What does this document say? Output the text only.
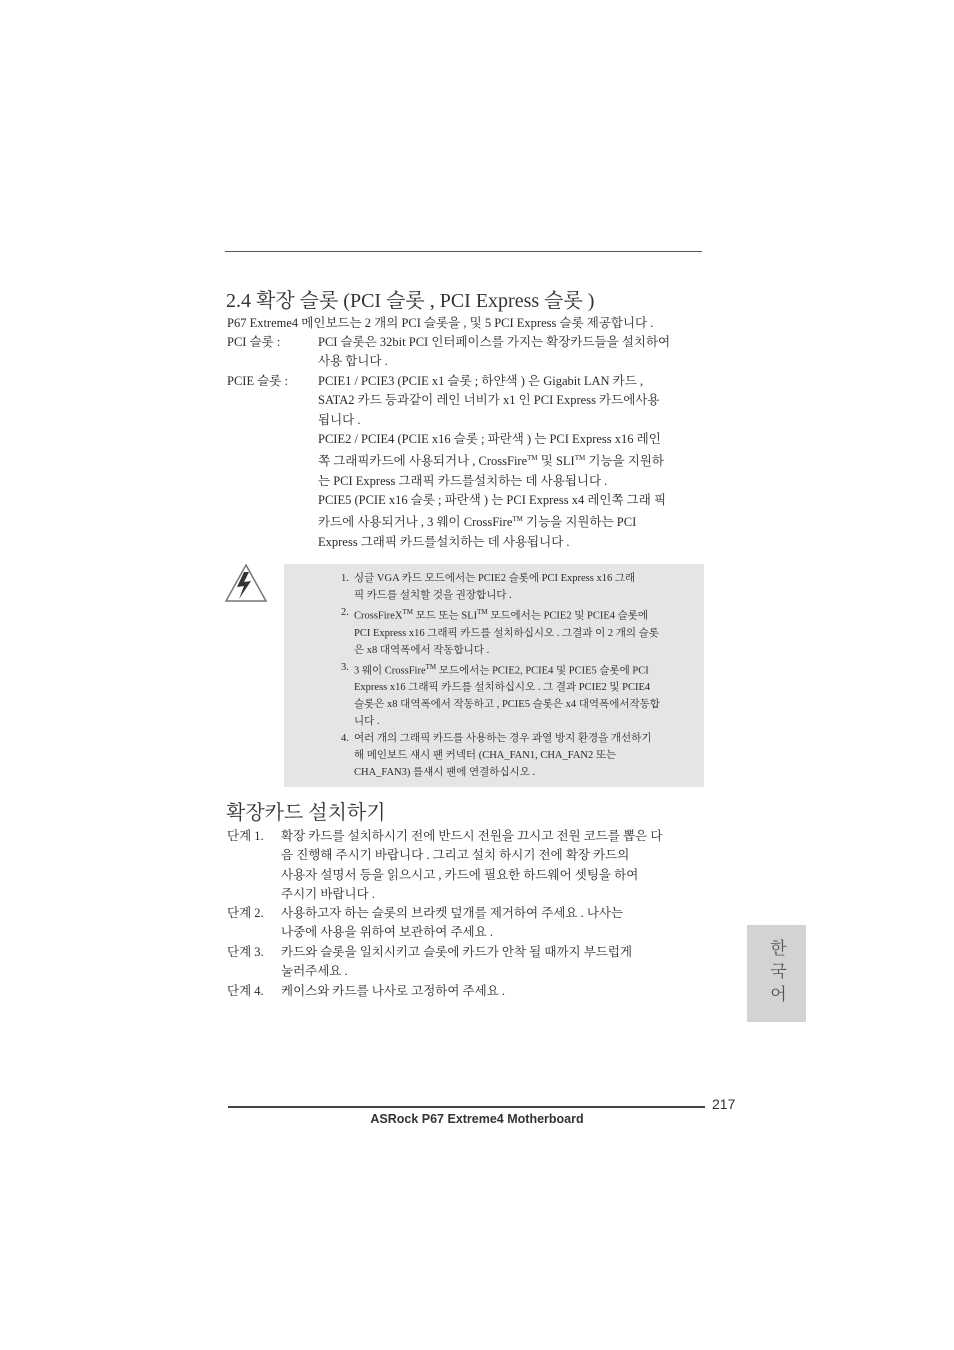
2.4 확장 슬롯 (PCI 슬롯 , PCI Express 슬롯 )
P67 Extreme4 메인보드는 2 개의 PCI 슬롯을 , 및 5 PCI Express 슬롯 제공합니다 .
PCI 슬롯 :	PCI 슬롯은 32bit PCI 인터페이스를 가지는 확장카드들을 설치하여
사용 합니다 .
PCIE 슬롯 : PCIE1 / PCIE3 (PCIE x1 슬롯 ; 하얀색 ) 은 Gigabit LAN 카드 ,
SATA2 카드 등과같이 레인 너비가 x1 인 PCI Express 카드에사용
됩니다 .
PCIE2 / PCIE4 (PCIE x16 슬롯 ; 파란색 ) 는 PCI Express x16 레인
쪽 그래픽카드에 사용되거나 , CrossFire™ 및 SLI™ 기능을 지원하
는 PCI Express 그래픽 카드를설치하는 데 사용됩니다 .
PCIE5 (PCIE x16 슬롯 ; 파란색 ) 는 PCI Express x4 레인쪽 그래 픽
카드에 사용되거나 , 3 웨이 CrossFire™ 기능을 지원하는 PCI
Express 그래픽 카드를설치하는 데 사용됩니다 .
1. 싱글 VGA 카드 모드에서는 PCIE2 슬롯에 PCI Express x16 그래
픽 카드를 설치할 것을 권장합니다 .
2. CrossFireX™ 모드 또는 SLI™ 모드에서는 PCIE2 및 PCIE4 슬롯에
PCI Express x16 그래픽 카드를 설치하십시오 . 그결과 이 2 개의 슬롯
은 x8 대역폭에서 작동합니다 .
3. 3 웨이 CrossFire™ 모드에서는 PCIE2, PCIE4 및 PCIE5 슬롯에 PCI
Express x16 그래픽 카드를 설치하십시오 . 그 결과 PCIE2 및 PCIE4
슬롯은 x8 대역폭에서 작동하고 , PCIE5 슬롯은 x4 대역폭에서작동합
니다 .
4. 여러 개의 그래픽 카드를 사용하는 경우 과열 방지 환경을 개선하기
해 메인보드 섀시 팬 커넥터 (CHA_FAN1, CHA_FAN2 또는
CHA_FAN3) 를섀시 팬에 연결하십시오 .
확장카드 설치하기
단계 1. 확장 카드를 설치하시기 전에 반드시 전원을 끄시고 전원 코드를 뽑은 다
음 진행해 주시기 바랍니다 . 그리고 설치 하시기 전에 확장 카드의
사용자 설명서 등을 읽으시고 , 카드에 필요한 하드웨어 셋팅을 하여
주시기 바랍니다 .
단계 2. 사용하고자 하는 슬롯의 브라켓 덮개를 제거하여 주세요 . 나사는
나중에 사용을 위하여 보관하여 주세요 .
단계 3. 카드와 슬롯을 일치시키고 슬롯에 카드가 안착 될 때까지 부드럽게
눌러주세요 .
단계 4. 케이스와 카드를 나사로 고정하여 주세요 .	한국어
217
ASRock P67 Extreme4 Motherboard
